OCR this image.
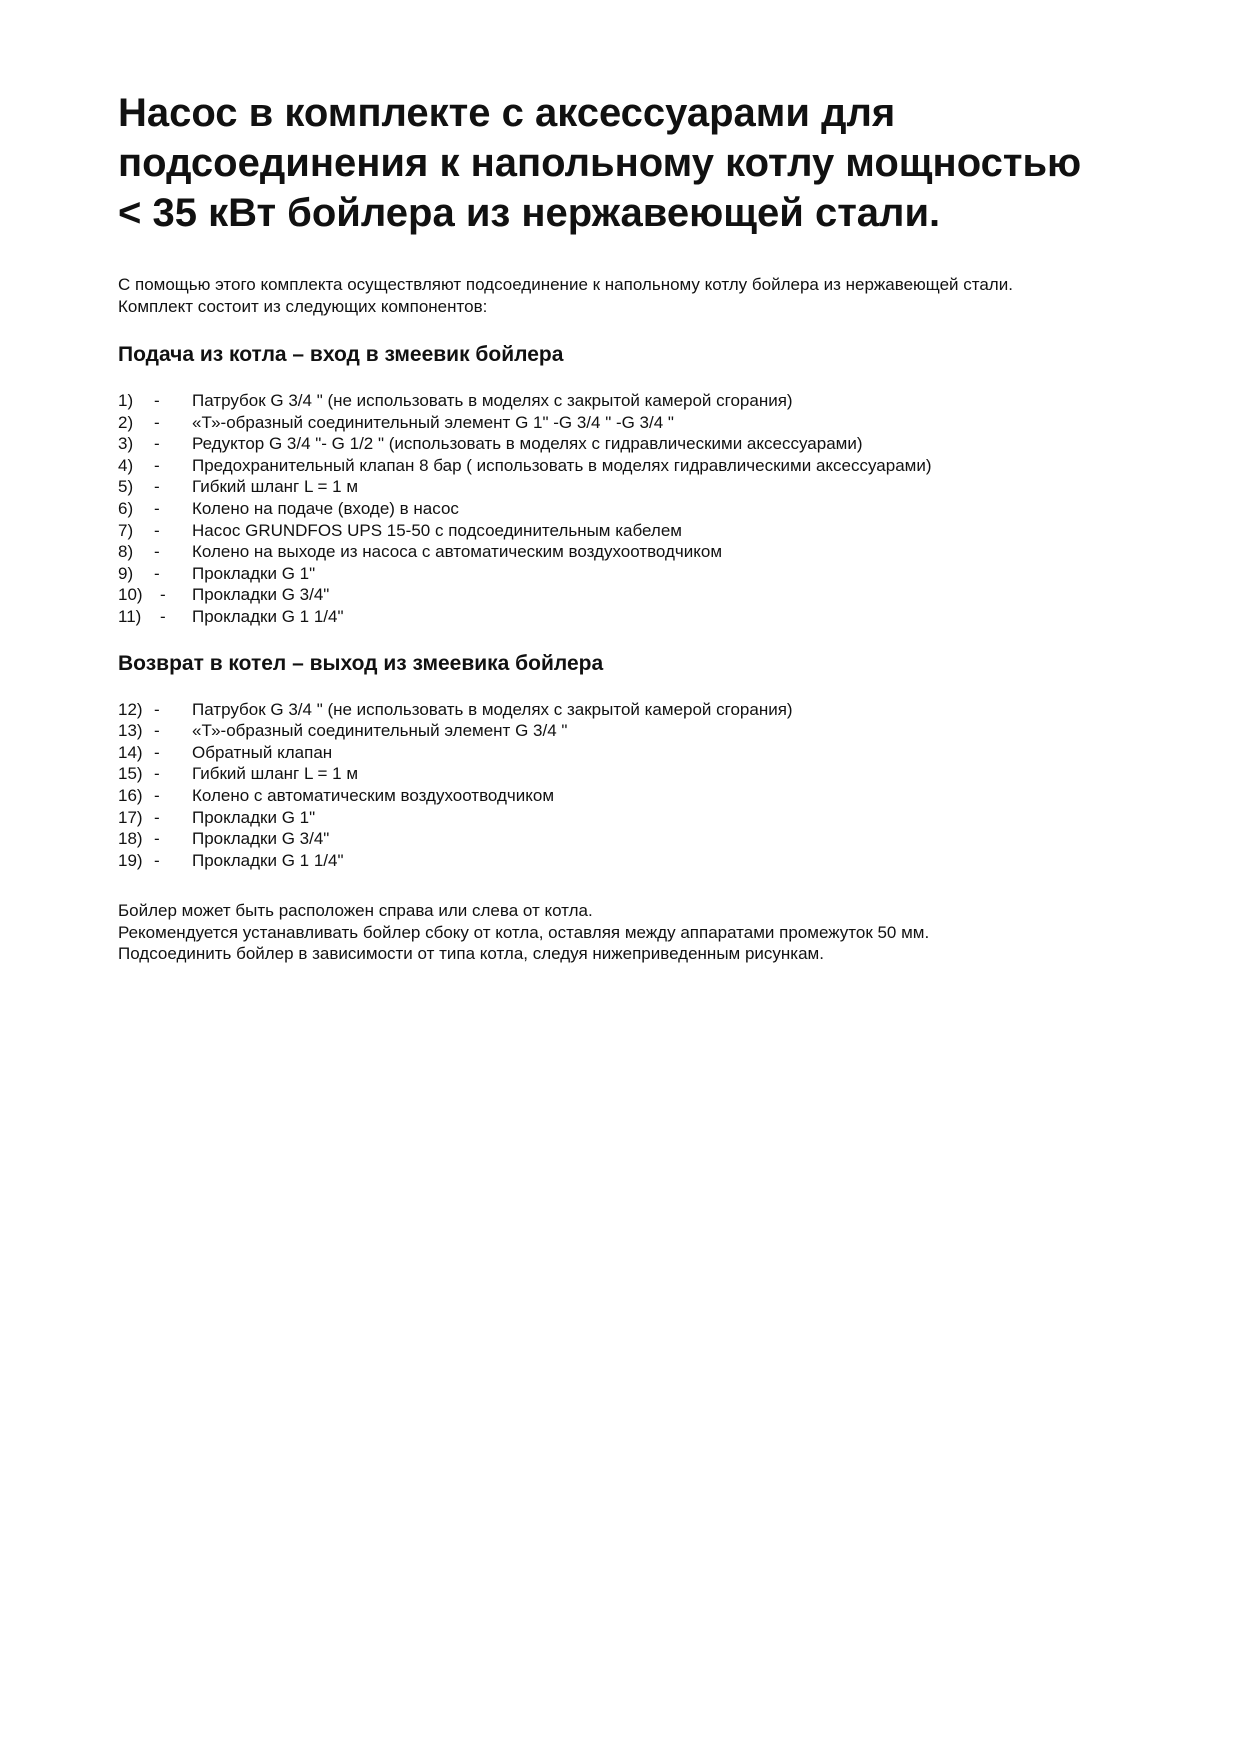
Насос в комплекте с аксессуарами для
подсоединения к напольному котлу мощностью
< 35 кВт бойлера из нержавеющей стали.

С помощью этого комплекта осуществляют подсоединение к напольному котлу бойлера из нержавеющей стали.

Комплект состоит из следующих компонентов:

Подача из котла – вход в змеевик бойлера
1)	-	Патрубок G 3/4 " (не использовать в моделях с закрытой камерой сгорания)
2)	-	«Т»-образный соединительный элемент G 1" -G 3/4 " -G 3/4 "
3)	-	Редуктор G 3/4 "- G 1/2 " (использовать в моделях с гидравлическими аксессуарами)
4)	-	Предохранительный клапан 8 бар ( использовать в моделях гидравлическими аксессуарами)
5)	-	Гибкий шланг L = 1 м
6)	-	Колено на подаче (входе) в насос
7)	-	Насос GRUNDFOS UPS 15-50 с подсоединительным кабелем
8)	-	Колено на выходе из насоса с автоматическим воздухоотводчиком
9)	-	Прокладки G 1"
10)	-	Прокладки G 3/4"
11)	-	Прокладки G 1 1/4"
Возврат в котел – выход из змеевика бойлера
12) -	Патрубок G 3/4 " (не использовать в моделях с закрытой камерой сгорания)
13) -	«Т»-образный соединительный элемент G 3/4 "
14) -	Обратный клапан
15) -	Гибкий шланг L = 1 м
16) -	Колено с автоматическим воздухоотводчиком
17) -	Прокладки G 1"
18) -	Прокладки G 3/4"
19) -	Прокладки G 1 1/4"

Бойлер может быть расположен справа или слева от котла.

Рекомендуется устанавливать бойлер сбоку от котла, оставляя между аппаратами промежуток 50 мм.

Подсоединить бойлер в зависимости от типа котла, следуя нижеприведенным рисункам.
